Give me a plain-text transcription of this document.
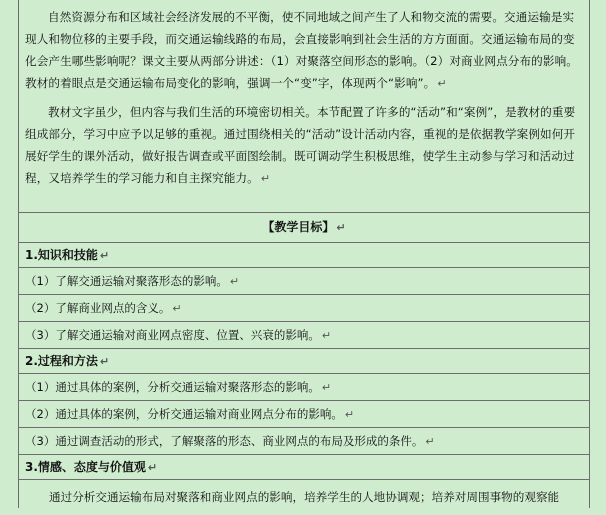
自然资源分布和区域社会经济发展的不平衡，使不同地域之间产生了人和物交流的需要。交通运输是实现人和物位移的主要手段，而交通运输线路的布局，会直接影响到社会生活的方方面面。交通运输布局的变化会产生哪些影响呢？课文主要从两部分讲述：（1）对聚落空间形态的影响。（2）对商业网点分布的影响。教材的着眼点是交通运输布局变化的影响，强调一个“变”字，体现两个“影响”。 ↵

教材文字虽少，但内容与我们生活的环境密切相关。本节配置了许多的“活动”和“案例”，是教材的重要组成部分，学习中应予以足够的重视。通过围绕相关的“活动”设计活动内容，重视的是依据教学案例如何开展好学生的课外活动，做好报告调查或平面图绘制。既可调动学生积极思维，使学生主动参与学习和活动过程，又培养学生的学习能力和自主探究能力。 ↵

【教学目标】 ↵
1.知识和技能 ↵
（1）了解交通运输对聚落形态的影响。 ↵
（2）了解商业网点的含义。 ↵
（3）了解交通运输对商业网点密度、位置、兴衰的影响。 ↵
2.过程和方法 ↵
（1）通过具体的案例，分析交通运输对聚落形态的影响。 ↵
（2）通过具体的案例，分析交通运输对商业网点分布的影响。 ↵
（3）通过调查活动的形式，了解聚落的形态、商业网点的布局及形成的条件。 ↵
3.情感、态度与价值观 ↵
通过分析交通运输布局对聚落和商业网点的影响，培养学生的人地协调观；培养对周围事物的观察能
